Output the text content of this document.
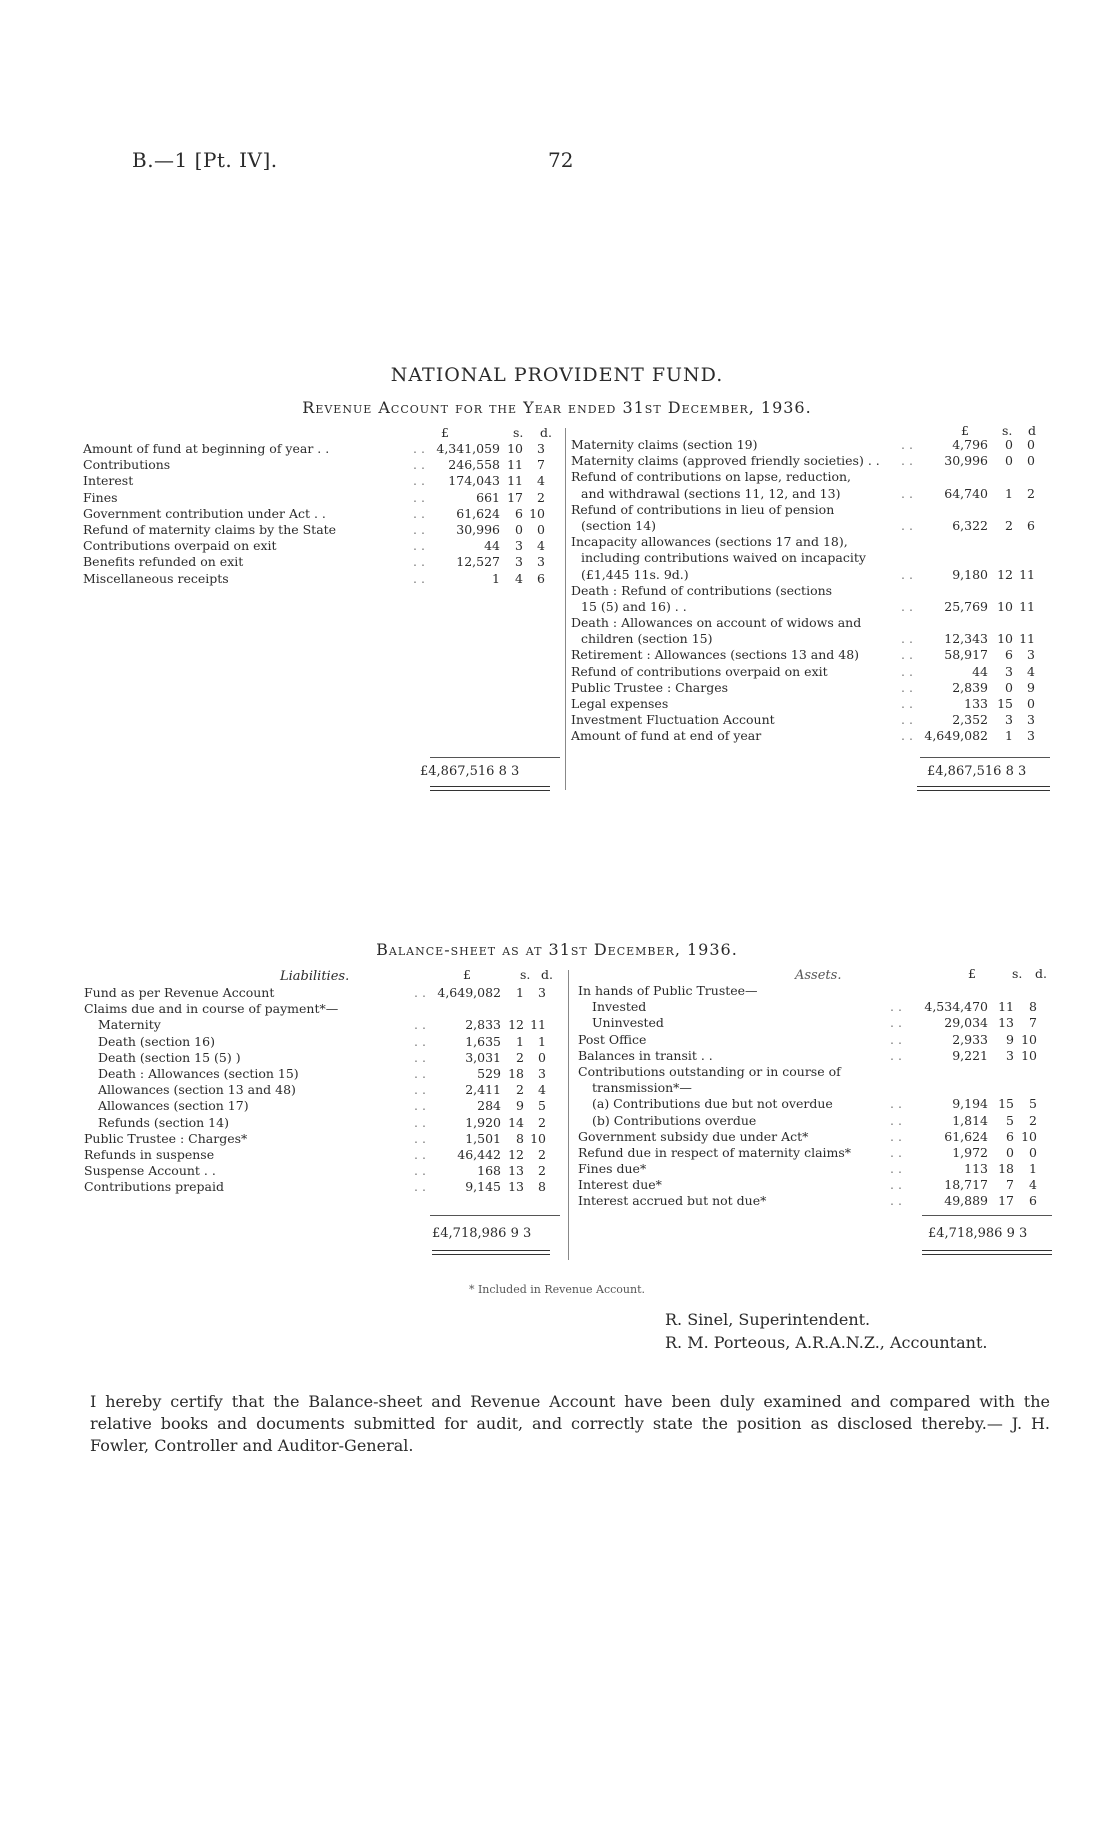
B.—1 [Pt. IV].	72
NATIONAL PROVIDENT FUND.
Revenue Account for the Year ended 31st December, 1936.
£	s. d.	£	s. d
Amount of fund at beginning of year . .	. . 4,341,059 10	3
Contributions	. .	246,558 11	7
Interest	. .	174,043 11	4
Fines	. .	661 17	2
Government contribution under Act . .	. .	61,624	6 10
Refund of maternity claims by the State	. .	30,996	0	0
Contributions overpaid on exit	. .	44	3	4
Benefits refunded on exit	. .	12,527	3	3
Miscellaneous receipts	. .	1	4	6
Maternity claims (section 19)	. .	4,796	0	0
Maternity claims (approved friendly societies) . . . .	30,996	0	0
Refund of contributions on lapse, reduction,
and withdrawal (sections 11, 12, and 13)	. .	64,740	1	2
Refund of contributions in lieu of pension
(section 14)	. .	6,322	2	6
Incapacity allowances (sections 17 and 18),
including contributions waived on incapacity
(£1,445 11s. 9d.)	. .	9,180 12 11
Death : Refund of contributions (sections
15 (5) and 16) . .	. .	25,769 10 11
Death : Allowances on account of widows and
children (section 15)	. .	12,343 10 11
Retirement : Allowances (sections 13 and 48)	. .	58,917	6	3
Refund of contributions overpaid on exit	. .	44	3	4
Public Trustee : Charges	. .	2,839	0	9
Legal expenses	. .	133 15	0
Investment Fluctuation Account	. .	2,352	3	3
Amount of fund at end of year	. . 4,649,082	1	3
£4,867,516 8 3	£4,867,516 8 3
Balance-sheet as at 31st December, 1936.
Liabilities.	£	s. d.	Assets.	£	s. d.
Fund as per Revenue Account	. . 4,649,082	1	3
Claims due and in course of payment*—
Maternity	. .	2,833 12 11
Death (section 16)	. .	1,635	1	1
Death (section 15 (5) )	. .	3,031	2	0
Death : Allowances (section 15)	. .	529 18	3
Allowances (section 13 and 48)	. .	2,411	2	4
Allowances (section 17)	. .	284	9	5
Refunds (section 14)	. .	1,920 14	2
Public Trustee : Charges*	. .	1,501	8 10
Refunds in suspense	. .	46,442 12	2
Suspense Account . .	. .	168 13	2
Contributions prepaid	. .	9,145 13	8
In hands of Public Trustee—
Invested	. .	4,534,470 11	8
Uninvested	. .	29,034 13	7
Post Office	. .	2,933	9 10
Balances in transit . .	. .	9,221	3 10
Contributions outstanding or in course of
transmission*—
(a) Contributions due but not overdue	. .	9,194 15	5
(b) Contributions overdue	. .	1,814	5	2
Government subsidy due under Act*	. .	61,624	6 10
Refund due in respect of maternity claims*	. .	1,972	0	0
Fines due*	. .	113 18	1
Interest due*	. .	18,717	7	4
Interest accrued but not due*	. .	49,889 17	6
£4,718,986 9 3	£4,718,986 9 3
* Included in Revenue Account.
R. Sinel, Superintendent.
R. M. Porteous, A.R.A.N.Z., Accountant.
I hereby certify that the Balance-sheet and Revenue Account have been duly examined and compared with the relative books and documents submitted for audit, and correctly state the position as disclosed thereby.— J. H. Fowler, Controller and Auditor-General.
